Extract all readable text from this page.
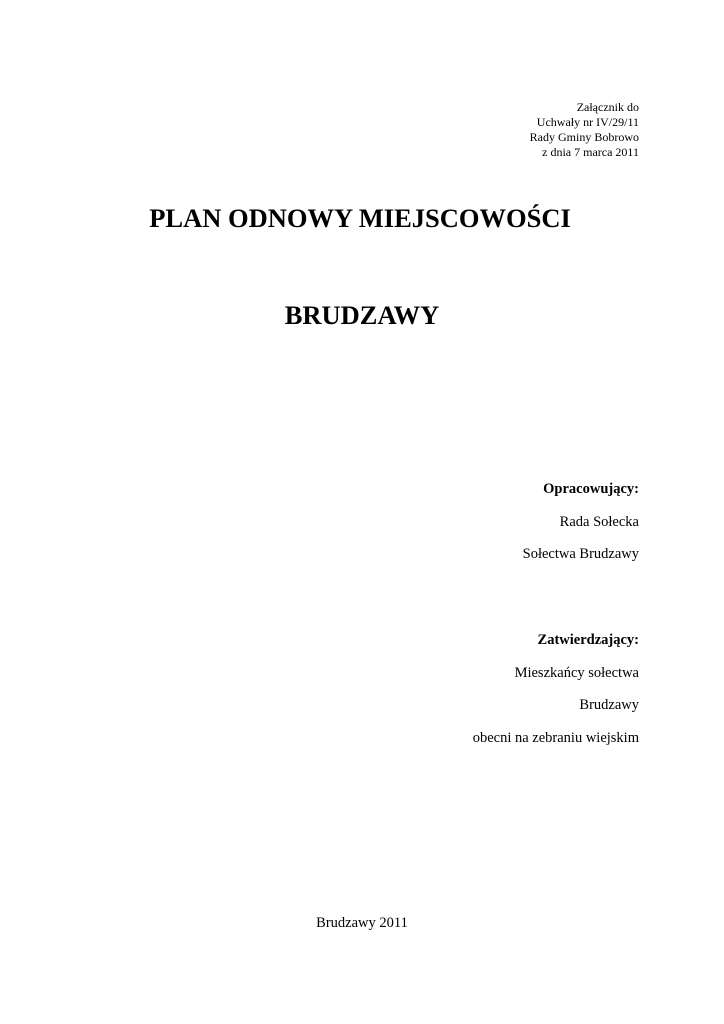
Załącznik do
Uchwały nr IV/29/11
Rady Gminy Bobrowo
z dnia 7 marca 2011
PLAN ODNOWY MIEJSCOWOŚCI
BRUDZAWY
Opracowujący:
Rada Sołecka
Sołectwa Brudzawy
Zatwierdzający:
Mieszkańcy sołectwa
Brudzawy
obecni na zebraniu wiejskim
Brudzawy 2011
